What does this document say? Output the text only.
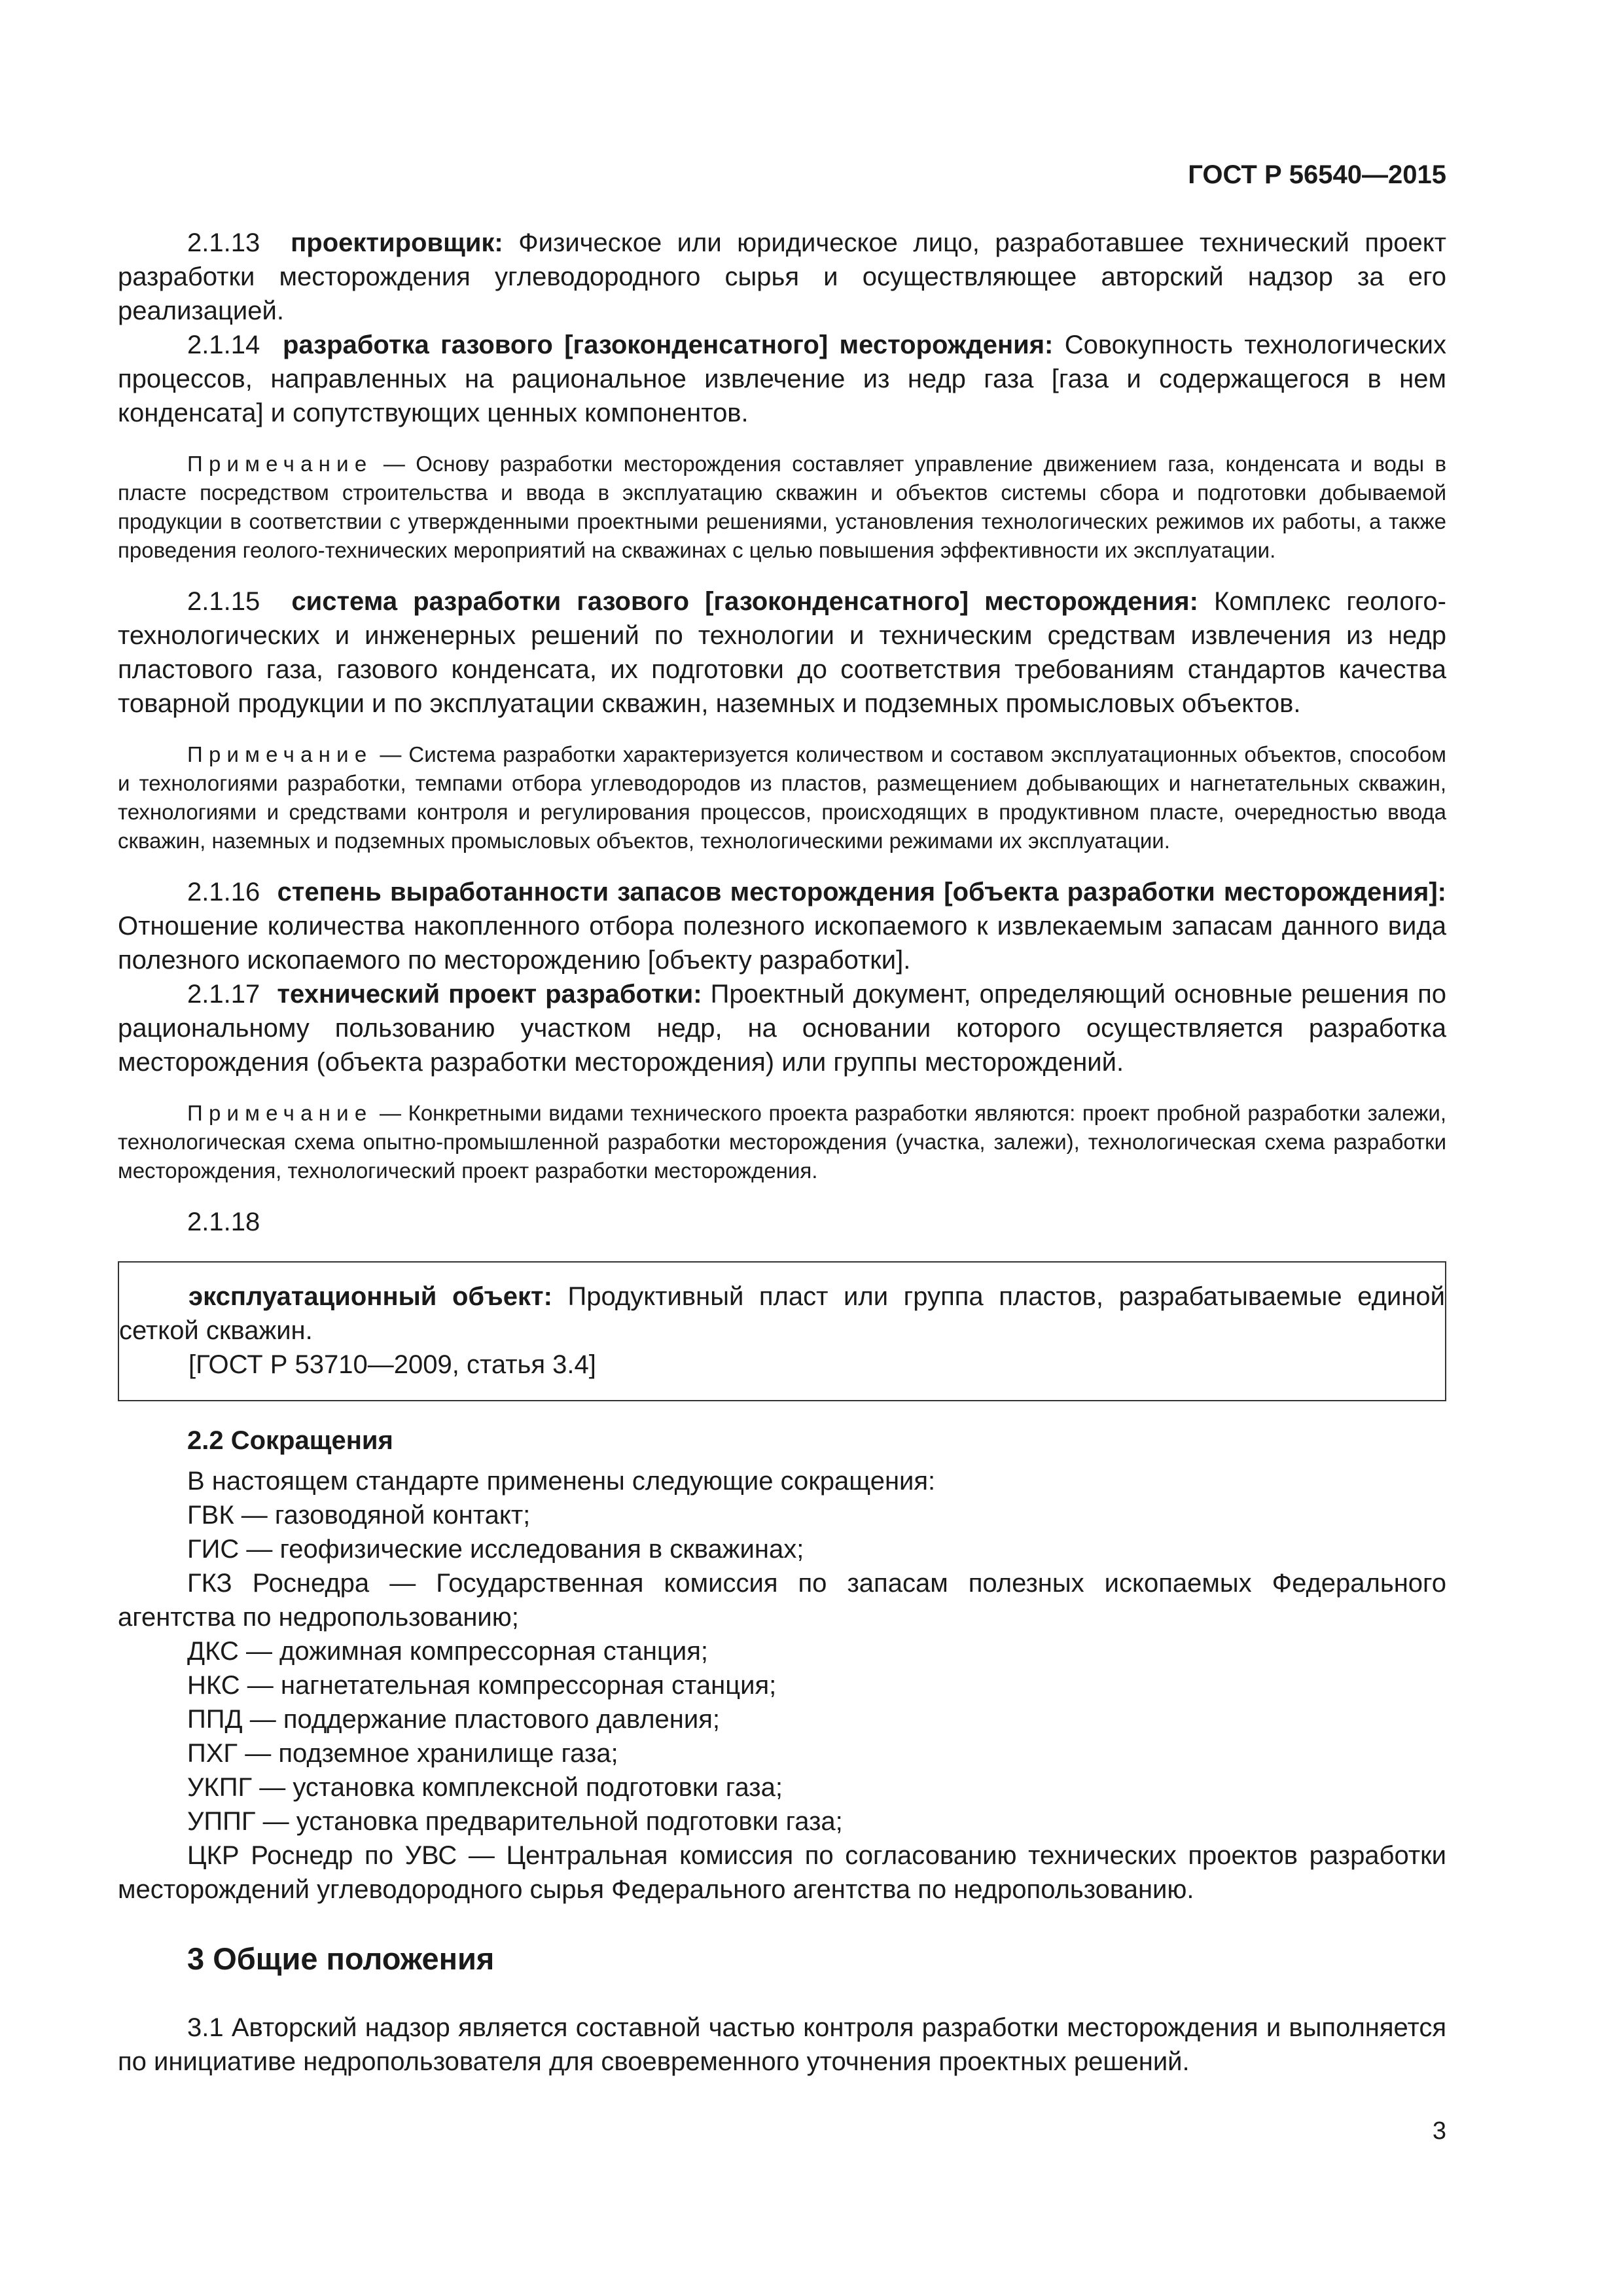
ГОСТ Р 56540—2015

2.1.13 проектировщик: Физическое или юридическое лицо, разработавшее технический проект разработки месторождения углеводородного сырья и осуществляющее авторский надзор за его реализацией.

2.1.14 разработка газового [газоконденсатного] месторождения: Совокупность технологических процессов, направленных на рациональное извлечение из недр газа [газа и содержащегося в нем конденсата] и сопутствующих ценных компонентов.

Примечание — Основу разработки месторождения составляет управление движением газа, конденсата и воды в пласте посредством строительства и ввода в эксплуатацию скважин и объектов системы сбора и подготовки добываемой продукции в соответствии с утвержденными проектными решениями, установления технологических режимов их работы, а также проведения геолого-технических мероприятий на скважинах с целью повышения эффективности их эксплуатации.

2.1.15 система разработки газового [газоконденсатного] месторождения: Комплекс геолого-технологических и инженерных решений по технологии и техническим средствам извлечения из недр пластового газа, газового конденсата, их подготовки до соответствия требованиям стандартов качества товарной продукции и по эксплуатации скважин, наземных и подземных промысловых объектов.

Примечание — Система разработки характеризуется количеством и составом эксплуатационных объектов, способом и технологиями разработки, темпами отбора углеводородов из пластов, размещением добывающих и нагнетательных скважин, технологиями и средствами контроля и регулирования процессов, происходящих в продуктивном пласте, очередностью ввода скважин, наземных и подземных промысловых объектов, технологическими режимами их эксплуатации.

2.1.16 степень выработанности запасов месторождения [объекта разработки месторождения]: Отношение количества накопленного отбора полезного ископаемого к извлекаемым запасам данного вида полезного ископаемого по месторождению [объекту разработки].

2.1.17 технический проект разработки: Проектный документ, определяющий основные решения по рациональному пользованию участком недр, на основании которого осуществляется разработка месторождения (объекта разработки месторождения) или группы месторождений.

Примечание — Конкретными видами технического проекта разработки являются: проект пробной разработки залежи, технологическая схема опытно-промышленной разработки месторождения (участка, залежи), технологическая схема разработки месторождения, технологический проект разработки месторождения.

2.1.18

эксплуатационный объект: Продуктивный пласт или группа пластов, разрабатываемые единой сеткой скважин.

[ГОСТ Р 53710—2009, статья 3.4]

2.2 Сокращения

В настоящем стандарте применены следующие сокращения:

ГВК — газоводяной контакт;

ГИС — геофизические исследования в скважинах;

ГКЗ Роснедра — Государственная комиссия по запасам полезных ископаемых Федерального агентства по недропользованию;

ДКС — дожимная компрессорная станция;

НКС — нагнетательная компрессорная станция;

ППД — поддержание пластового давления;

ПХГ — подземное хранилище газа;

УКПГ — установка комплексной подготовки газа;

УППГ — установка предварительной подготовки газа;

ЦКР Роснедр по УВС — Центральная комиссия по согласованию технических проектов разработки месторождений углеводородного сырья Федерального агентства по недропользованию.

3 Общие положения

3.1 Авторский надзор является составной частью контроля разработки месторождения и выполняется по инициативе недропользователя для своевременного уточнения проектных решений.

3
